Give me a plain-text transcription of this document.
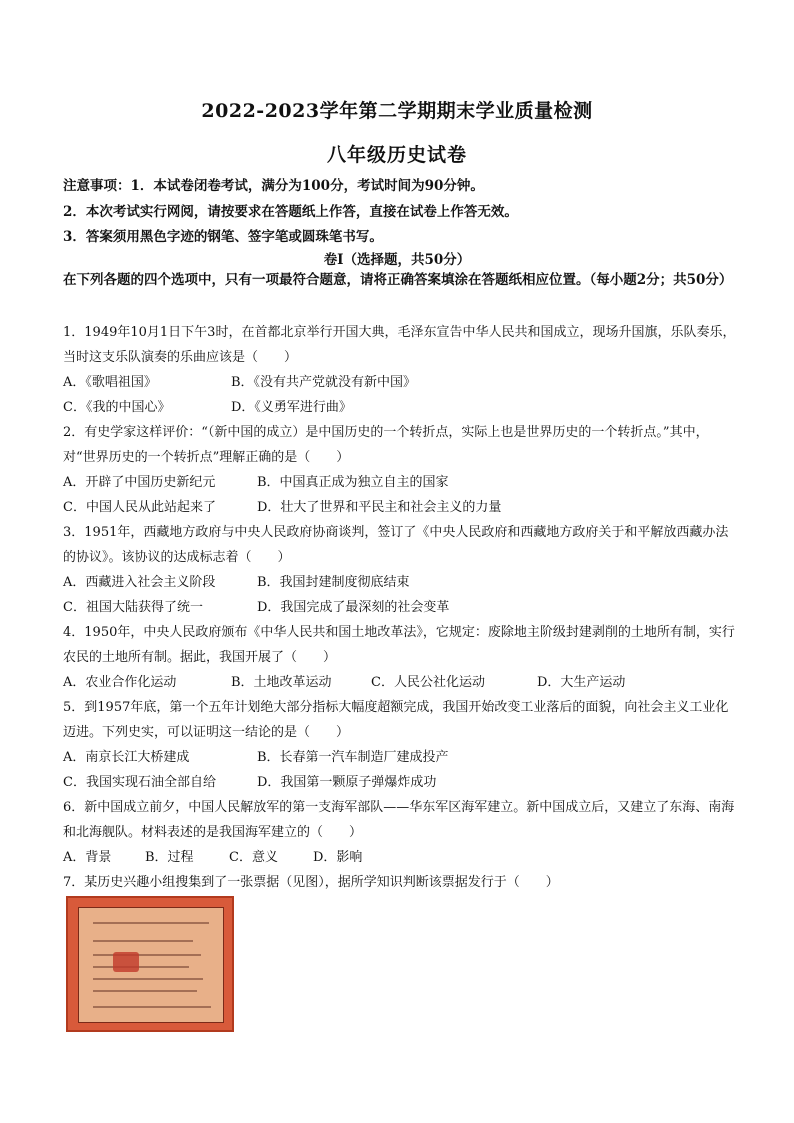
2022-2023学年第二学期期末学业质量检测
八年级历史试卷
注意事项：1．本试卷闭卷考试，满分为100分，考试时间为90分钟。
2．本次考试实行网阅，请按要求在答题纸上作答，直接在试卷上作答无效。
3．答案须用黑色字迹的钢笔、签字笔或圆珠笔书写。
卷I（选择题，共50分）
在下列各题的四个选项中，只有一项最符合题意，请将正确答案填涂在答题纸相应位置。（每小题2分；共50分）
1．1949年10月1日下午3时，在首都北京举行开国大典，毛泽东宣告中华人民共和国成立，现场升国旗，乐队奏乐，当时这支乐队演奏的乐曲应该是（　　）
A．《歌唱祖国》	B．《没有共产党就没有新中国》
C．《我的中国心》	D．《义勇军进行曲》
2．有史学家这样评价：“（新中国的成立）是中国历史的一个转折点，实际上也是世界历史的一个转折点。”其中，对“世界历史的一个转折点”理解正确的是（　　）
A．开辟了中国历史新纪元	B．中国真正成为独立自主的国家
C．中国人民从此站起来了	D．壮大了世界和平民主和社会主义的力量
3．1951年，西藏地方政府与中央人民政府协商谈判，签订了《中央人民政府和西藏地方政府关于和平解放西藏办法的协议》。该协议的达成标志着（　　）
A．西藏进入社会主义阶段	B．我国封建制度彻底结束
C．祖国大陆获得了统一	D．我国完成了最深刻的社会变革
4．1950年，中央人民政府颁布《中华人民共和国土地改革法》，它规定：废除地主阶级封建剥削的土地所有制，实行农民的土地所有制。据此，我国开展了（　　）
A．农业合作化运动	B．土地改革运动	C．人民公社化运动	D．大生产运动
5．到1957年底，第一个五年计划绝大部分指标大幅度超额完成，我国开始改变工业落后的面貌，向社会主义工业化迈进。下列史实，可以证明这一结论的是（　　）
A．南京长江大桥建成	B．长春第一汽车制造厂建成投产
C．我国实现石油全部自给	D．我国第一颗原子弹爆炸成功
6．新中国成立前夕，中国人民解放军的第一支海军部队——华东军区海军建立。新中国成立后，又建立了东海、南海和北海舰队。材料表述的是我国海军建立的（　　）
A．背景	B．过程	C．意义	D．影响
7．某历史兴趣小组搜集到了一张票据（见图），据所学知识判断该票据发行于（　　）
